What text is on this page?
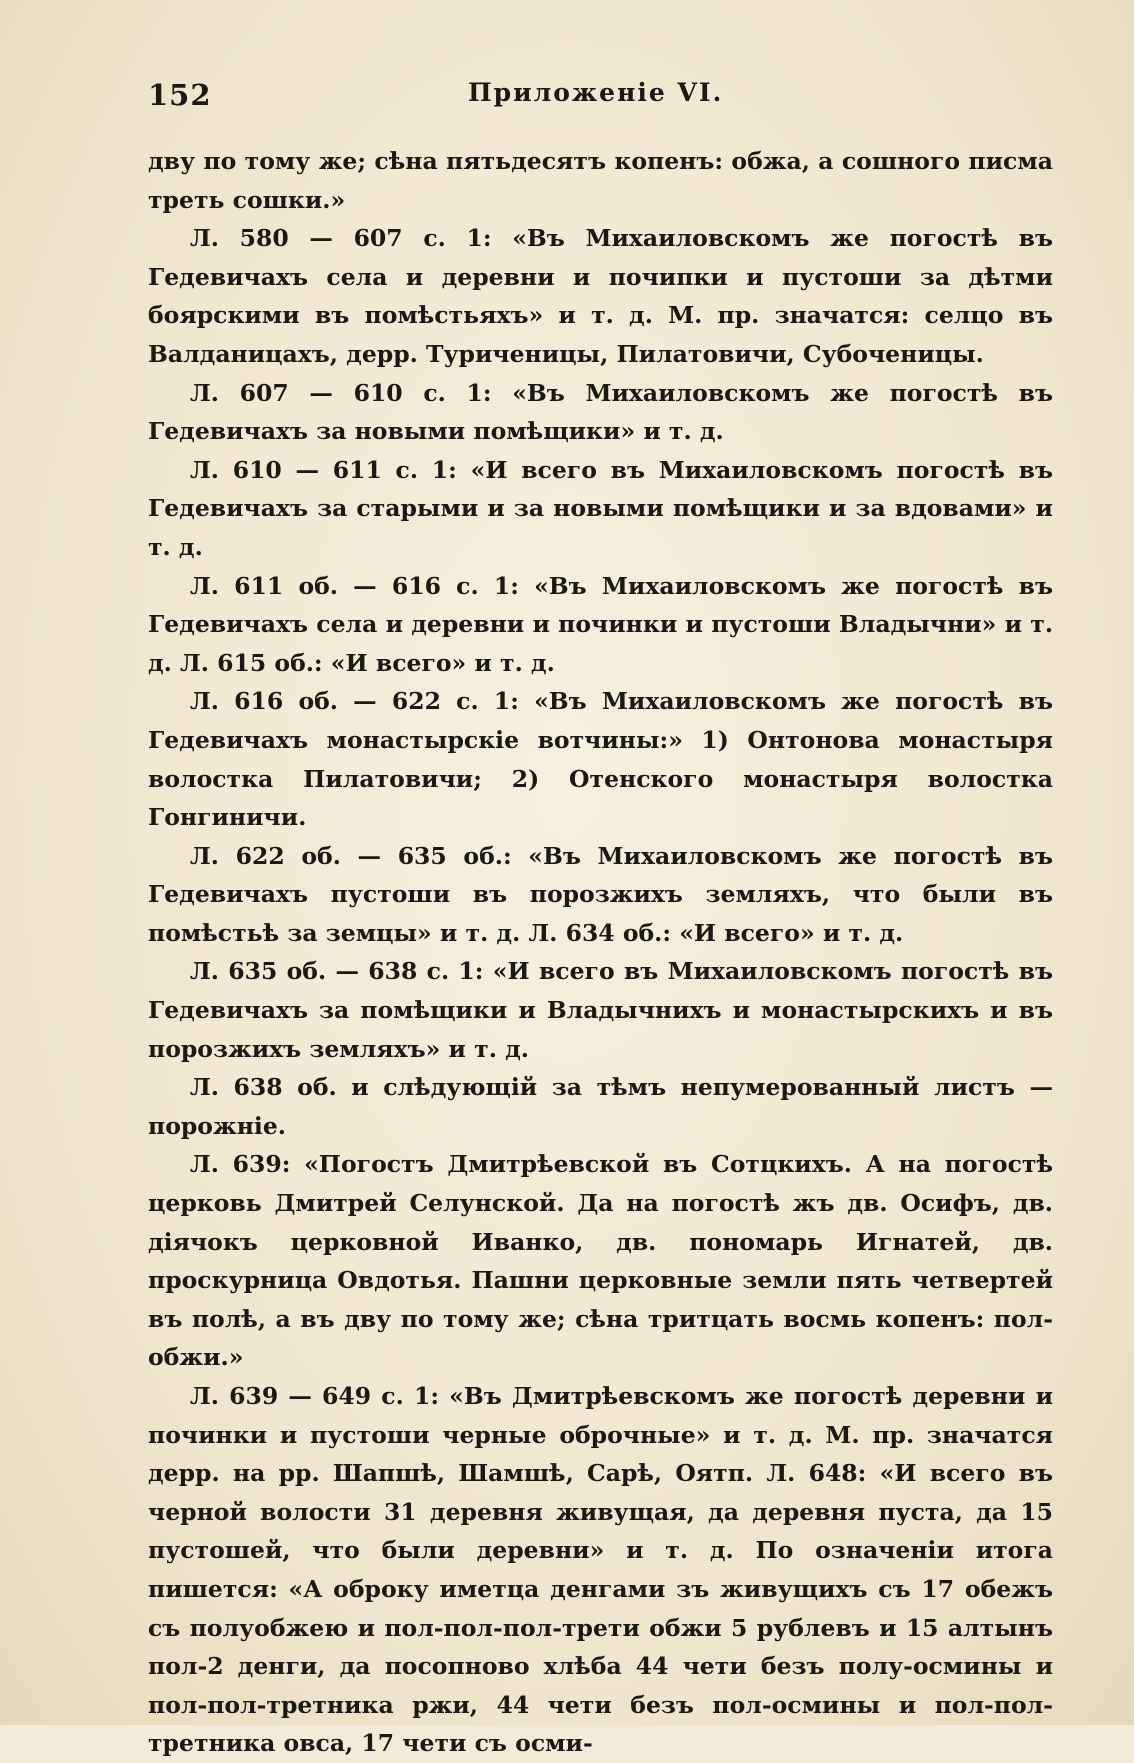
152	Приложеніе VI.

дву по тому же; сѣна пятьдесятъ копенъ: обжа, а сошного писма треть сошки.»

Л. 580 — 607 с. 1: «Въ Михаиловскомъ же погостѣ въ Гедевичахъ села и деревни и почипки и пустоши за дѣтми боярскими въ помѣстьяхъ» и т. д. М. пр. значатся: селцо въ Валданицахъ, дерр. Туриченицы, Пилатовичи, Субоченицы.

Л. 607 — 610 с. 1: «Въ Михаиловскомъ же погостѣ въ Гедевичахъ за новыми помѣщики» и т. д.

Л. 610 — 611 с. 1: «И всего въ Михаиловскомъ погостѣ въ Гедевичахъ за старыми и за новыми помѣщики и за вдовами» и т. д.

Л. 611 об. — 616 с. 1: «Въ Михаиловскомъ же погостѣ въ Гедевичахъ села и деревни и починки и пустоши Владычни» и т. д. Л. 615 об.: «И всего» и т. д.

Л. 616 об. — 622 с. 1: «Въ Михаиловскомъ же погостѣ въ Гедевичахъ монастырскіе вотчины:» 1) Онтонова монастыря волостка Пилатовичи; 2) Отенского монастыря волостка Гонгиничи.

Л. 622 об. — 635 об.: «Въ Михаиловскомъ же погостѣ въ Гедевичахъ пустоши въ порозжихъ земляхъ, что были въ помѣстьѣ за земцы» и т. д. Л. 634 об.: «И всего» и т. д.

Л. 635 об. — 638 с. 1: «И всего въ Михаиловскомъ погостѣ въ Гедевичахъ за помѣщики и Владычнихъ и монастырскихъ и въ порозжихъ земляхъ» и т. д.

Л. 638 об. и слѣдующій за тѣмъ непумерованный листъ — порожніе.

Л. 639: «Погостъ Дмитрѣевской въ Сотцкихъ. А на погостѣ церковь Дмитрей Селунской. Да на погостѣ жъ дв. Осифъ, дв. діячокъ церковной Иванко, дв. пономарь Игнатей, дв. проскурница Овдотья. Пашни церковные земли пять четвертей въ полѣ, а въ дву по тому же; сѣна тритцать восмь копенъ: пол-обжи.»

Л. 639 — 649 с. 1: «Въ Дмитрѣевскомъ же погостѣ деревни и починки и пустоши черные оброчные» и т. д. М. пр. значатся дерр. на рр. Шапшѣ, Шамшѣ, Сарѣ, Оятп. Л. 648: «И всего въ черной волости 31 деревня живущая, да деревня пуста, да 15 пустошей, что были деревни» и т. д. По означеніи итога пишется: «А оброку иметца денгами зъ живущихъ съ 17 обежъ съ полуобжею и пол-пол-пол-трети обжи 5 рублевъ и 15 алтынъ пол-2 денги, да посопново хлѣба 44 чети безъ полу-осмины и пол-пол-третника ржи, 44 чети безъ пол-осмины и пол-пол-третника овса, 17 чети съ осми-
